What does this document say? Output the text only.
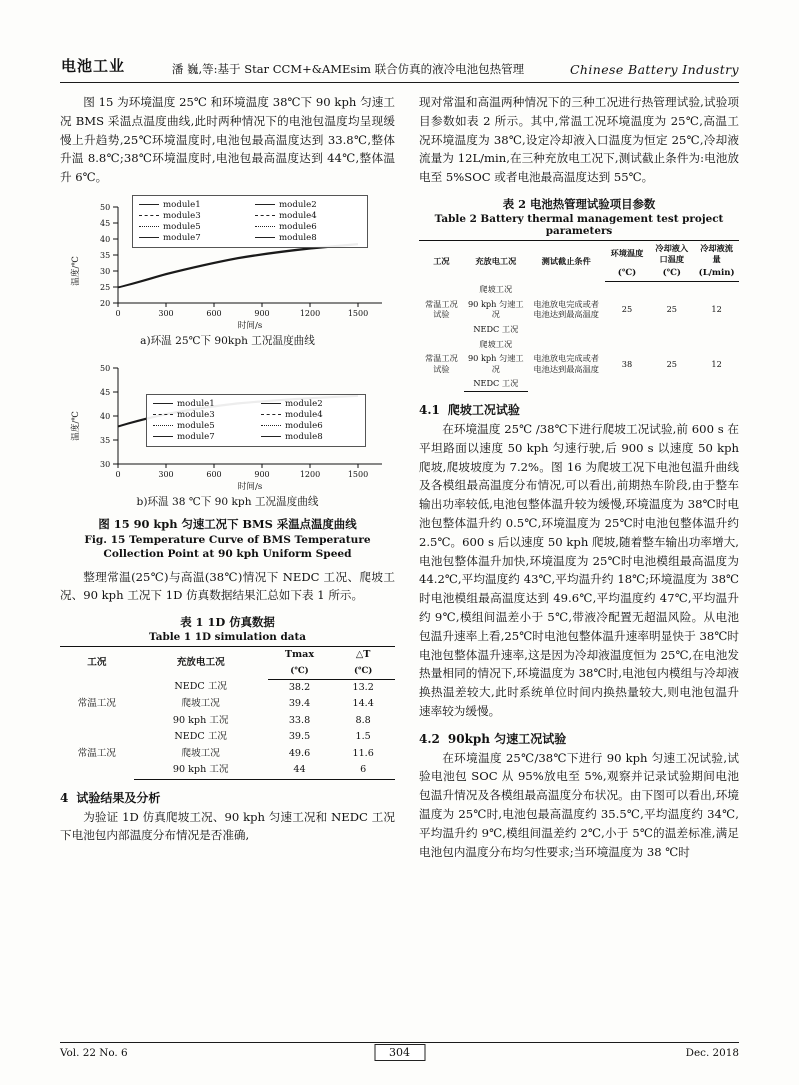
电池工业	潘 巍,等:基于 Star CCM+&AMEsim 联合仿真的液冷电池包热管理	Chinese Battery Industry

图 15 为环境温度 25℃ 和环境温度 38℃下 90 kph 匀速工况 BMS 采温点温度曲线,此时两种情况下的电池包温度均呈现缓慢上升趋势,25℃环境温度时,电池包最高温度达到 33.8℃,整体升温 8.8℃;38℃环境温度时,电池包最高温度达到 44℃,整体温升 6℃。

20
25
30
35
40
45
50
0	300	600	900	1200	1500
温度/℃
时间/s
module1	module2
module3	module4
module5	module6
module7	module8
a)环温 25℃下 90kph 工况温度曲线
30
35
40
45
50
0	300	600	900	1200	1500
温度/℃
时间/s
module1	module2
module3	module4
module5	module6
module7	module8
b)环温 38 ℃下 90 kph 工况温度曲线
图 15 90 kph 匀速工况下 BMS 采温点温度曲线
Fig. 15 Temperature Curve of BMS Temperature Collection Point at 90 kph Uniform Speed

整理常温(25℃)与高温(38℃)情况下 NEDC 工况、爬坡工况、90 kph 工况下 1D 仿真数据结果汇总如下表 1 所示。

表 1 1D 仿真数据
Table 1 1D simulation data
工况	充放电工况	Tmax	△T
		(℃)	(℃)
常温工况	NEDC 工况	38.2	13.2
	爬坡工况	39.4	14.4
	90 kph 工况	33.8	8.8
常温工况	NEDC 工况	39.5	1.5
	爬坡工况	49.6	11.6
	90 kph 工况	44	6
4 试验结果及分析

为验证 1D 仿真爬坡工况、90 kph 匀速工况和 NEDC 工况下电池包内部温度分布情况是否准确,

现对常温和高温两种情况下的三种工况进行热管理试验,试验项目参数如表 2 所示。其中,常温工况环境温度为 25℃,高温工况环境温度为 38℃,设定冷却液入口温度为恒定 25℃,冷却液流量为 12L/min,在三种充放电工况下,测试截止条件为:电池放电至 5%SOC 或者电池最高温度达到 55℃。

表 2 电池热管理试验项目参数
Table 2 Battery thermal management test project parameters
工况	充放电工况	测试截止条件	环境温度	冷却液入口温度	冷却液流量
			(℃)	(℃)	(L/min)
常温工况试验	爬坡工况	电池放电完成或者电池达到最高温度	25	25	12
	90 kph 匀速工况				
	NEDC 工况				
常温工况试验	爬坡工况	电池放电完成或者电池达到最高温度	38	25	12
	90 kph 匀速工况				
	NEDC 工况				
4.1 爬坡工况试验

在环境温度 25℃ /38℃下进行爬坡工况试验,前 600 s 在平坦路面以速度 50 kph 匀速行驶,后 900 s 以速度 50 kph 爬坡,爬坡坡度为 7.2%。图 16 为爬坡工况下电池包温升曲线及各模组最高温度分布情况,可以看出,前期热车阶段,由于整车输出功率较低,电池包整体温升较为缓慢,环境温度为 38℃时电池包整体温升约 0.5℃,环境温度为 25℃时电池包整体温升约 2.5℃。600 s 后以速度 50 kph 爬坡,随着整车输出功率增大,电池包整体温升加快,环境温度为 25℃时电池模组最高温度为 44.2℃,平均温度约 43℃,平均温升约 18℃;环境温度为 38℃时电池模组最高温度达到 49.6℃,平均温度约 47℃,平均温升约 9℃,模组间温差小于 5℃,带液冷配置无超温风险。从电池包温升速率上看,25℃时电池包整体温升速率明显快于 38℃时电池包整体温升速率,这是因为冷却液温度恒为 25℃,在电池发热量相同的情况下,环境温度为 38℃时,电池包内模组与冷却液换热温差较大,此时系统单位时间内换热量较大,则电池包温升速率较为缓慢。

4.2 90kph 匀速工况试验

在环境温度 25℃/38℃下进行 90 kph 匀速工况试验,试验电池包 SOC 从 95%放电至 5%,观察并记录试验期间电池包温升情况及各模组最高温度分布状况。由下图可以看出,环境温度为 25℃时,电池包最高温度约 35.5℃,平均温度约 34℃,平均温升约 9℃,模组间温差约 2℃,小于 5℃的温差标准,满足电池包内温度分布均匀性要求;当环境温度为 38 ℃时

Vol. 22 No. 6	304	Dec. 2018
